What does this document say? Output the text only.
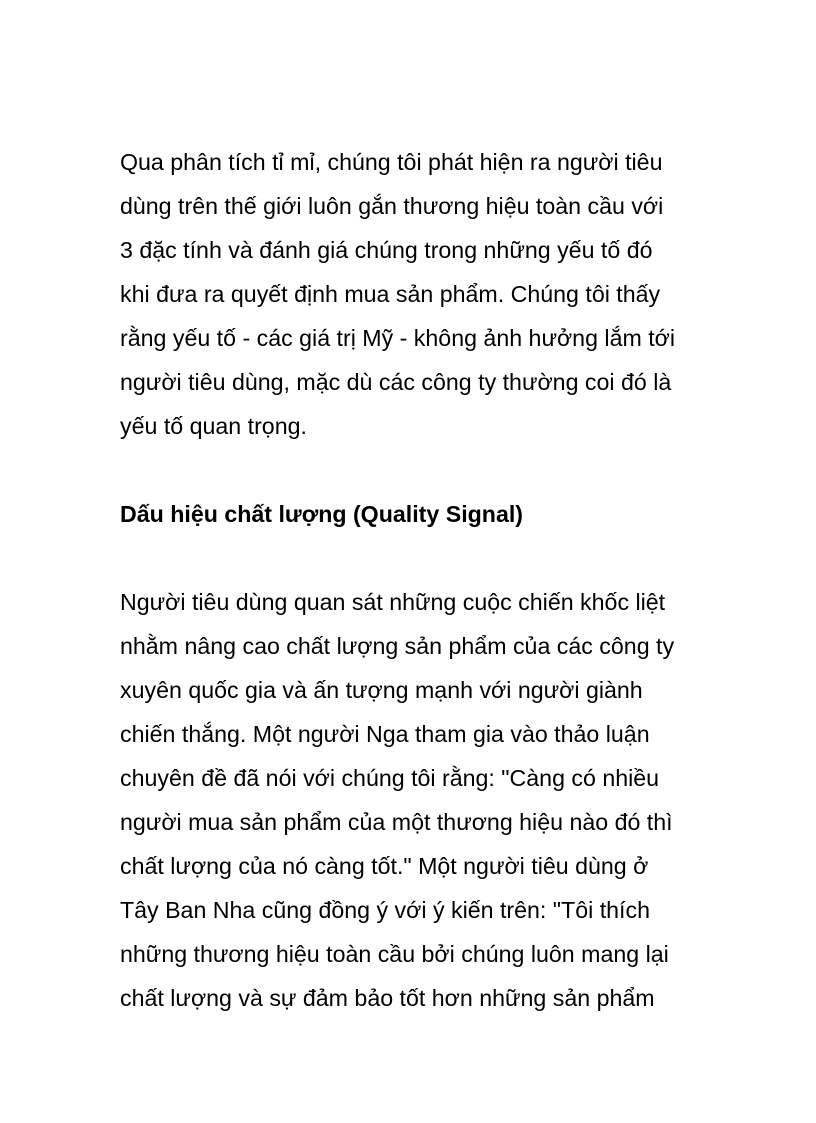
Qua phân tích tỉ mỉ, chúng tôi phát hiện ra người tiêu
dùng trên thế giới luôn gắn thương hiệu toàn cầu với
3 đặc tính và đánh giá chúng trong những yếu tố đó
khi đưa ra quyết định mua sản phẩm. Chúng tôi thấy
rằng yếu tố - các giá trị Mỹ - không ảnh hưởng lắm tới
người tiêu dùng, mặc dù các công ty thường coi đó là
yếu tố quan trọng.
Dấu hiệu chất lượng (Quality Signal)
Người tiêu dùng quan sát những cuộc chiến khốc liệt
nhằm nâng cao chất lượng sản phẩm của các công ty
xuyên quốc gia và ấn tượng mạnh với người giành
chiến thắng. Một người Nga tham gia vào thảo luận
chuyên đề đã nói với chúng tôi rằng: "Càng có nhiều
người mua sản phẩm của một thương hiệu nào đó thì
chất lượng của nó càng tốt." Một người tiêu dùng ở
Tây Ban Nha cũng đồng ý với ý kiến trên: "Tôi thích
những thương hiệu toàn cầu bởi chúng luôn mang lại
chất lượng và sự đảm bảo tốt hơn những sản phẩm
